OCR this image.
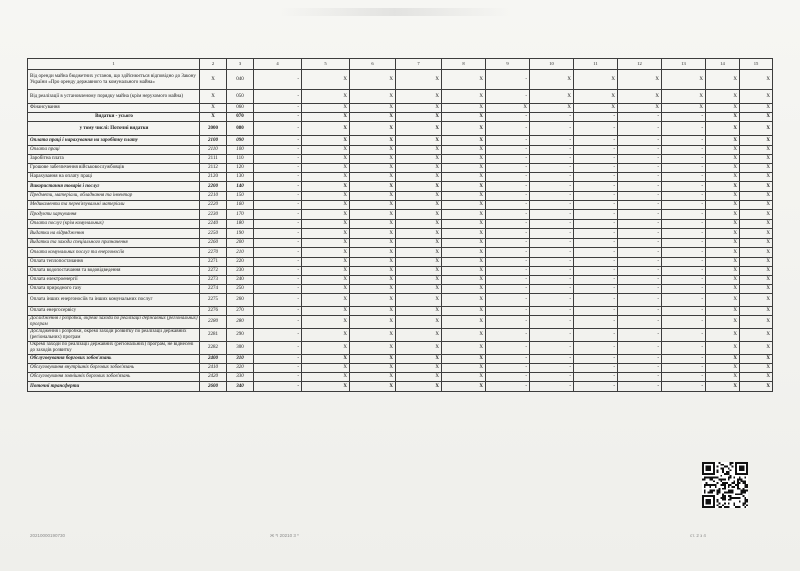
1	2	3	4	5	6	7	8	9	10	11	12	13	14	15
Від оренди майна бюджетних установ, що здійснюється відповідно до Закону України «Про оренду державного та комунального майна»	X	040	-	X	X	X	X	-	X	X	X	X	X	X
Від реалізації в установленому порядку майна (крім нерухомого майна)	X	050	-	X	X	X	X	-	X	X	X	X	X	X
Фінансування	X	060	-	X	X	X	X	X	X	X	X	X	X	X
Видатки - усього	X	070	-	X	X	X	X	-	-	-	-	-	X	X
у тому числі: Поточні видатки	2000	080	-	X	X	X	X	-	-	-	-	-	X	X
Оплата праці і нарахування на заробітну плату	2100	090	-	X	X	X	X	-	-	-	-	-	X	X
Оплата праці	2110	100	-	X	X	X	X	-	-	-	-	-	X	X
Заробітна плата	2111	110	-	X	X	X	X	-	-	-	-	-	X	X
Грошове забезпечення військовослужбовців	2112	120	-	X	X	X	X	-	-	-	-	-	X	X
Нарахування на оплату праці	2120	130	-	X	X	X	X	-	-	-	-	-	X	X
Використання товарів і послуг	2200	140	-	X	X	X	X	-	-	-	-	-	X	X
Предмети, матеріали, обладнання та інвентар	2210	150	-	X	X	X	X	-	-	-	-	-	X	X
Медикаменти та перев'язувальні матеріали	2220	160	-	X	X	X	X	-	-	-	-	-	X	X
Продукти харчування	2230	170	-	X	X	X	X	-	-	-	-	-	X	X
Оплата послуг (крім комунальних)	2240	180	-	X	X	X	X	-	-	-	-	-	X	X
Видатки на відрядження	2250	190	-	X	X	X	X	-	-	-	-	-	X	X
Видатки та заходи спеціального призначення	2260	200	-	X	X	X	X	-	-	-	-	-	X	X
Оплата комунальних послуг та енергоносіїв	2270	210	-	X	X	X	X	-	-	-	-	-	X	X
Оплата теплопостачання	2271	220	-	X	X	X	X	-	-	-	-	-	X	X
Оплата водопостачання та водовідведення	2272	230	-	X	X	X	X	-	-	-	-	-	X	X
Оплата електроенергії	2273	240	-	X	X	X	X	-	-	-	-	-	X	X
Оплата природного газу	2274	250	-	X	X	X	X	-	-	-	-	-	X	X
Оплата інших енергоносіїв та інших комунальних послуг	2275	260	-	X	X	X	X	-	-	-	-	-	X	X
Оплата енергосервісу	2276	270	-	X	X	X	X	-	-	-	-	-	X	X
Дослідження і розробки, окремі заходи по реалізації державних (регіональних) програм	2280	280	-	X	X	X	X	-	-	-	-	-	X	X
Дослідження і розробки, окремі заходи розвитку по реалізації державних (регіональних) програм	2281	290	-	X	X	X	X	-	-	-	-	-	X	X
Окремі заходи по реалізації державних (регіональних) програм, не віднесені до заходів розвитку	2282	300	-	X	X	X	X	-	-	-	-	-	X	X
Обслуговування боргових зобов'язань	2400	310	-	X	X	X	X	-	-	-	-	-	X	X
Обслуговування внутрішніх боргових зобов'язань	2410	320	-	X	X	X	X	-	-	-	-	-	X	X
Обслуговування зовнішніх боргових зобов'язань	2420	330	-	X	X	X	X	-	-	-	-	-	X	X
Поточні трансферти	2600	340	-	X	X	X	X	-	-	-	-	-	X	X
20210000190730	Ж *І 20210 3 *	ст. 2 з 4
